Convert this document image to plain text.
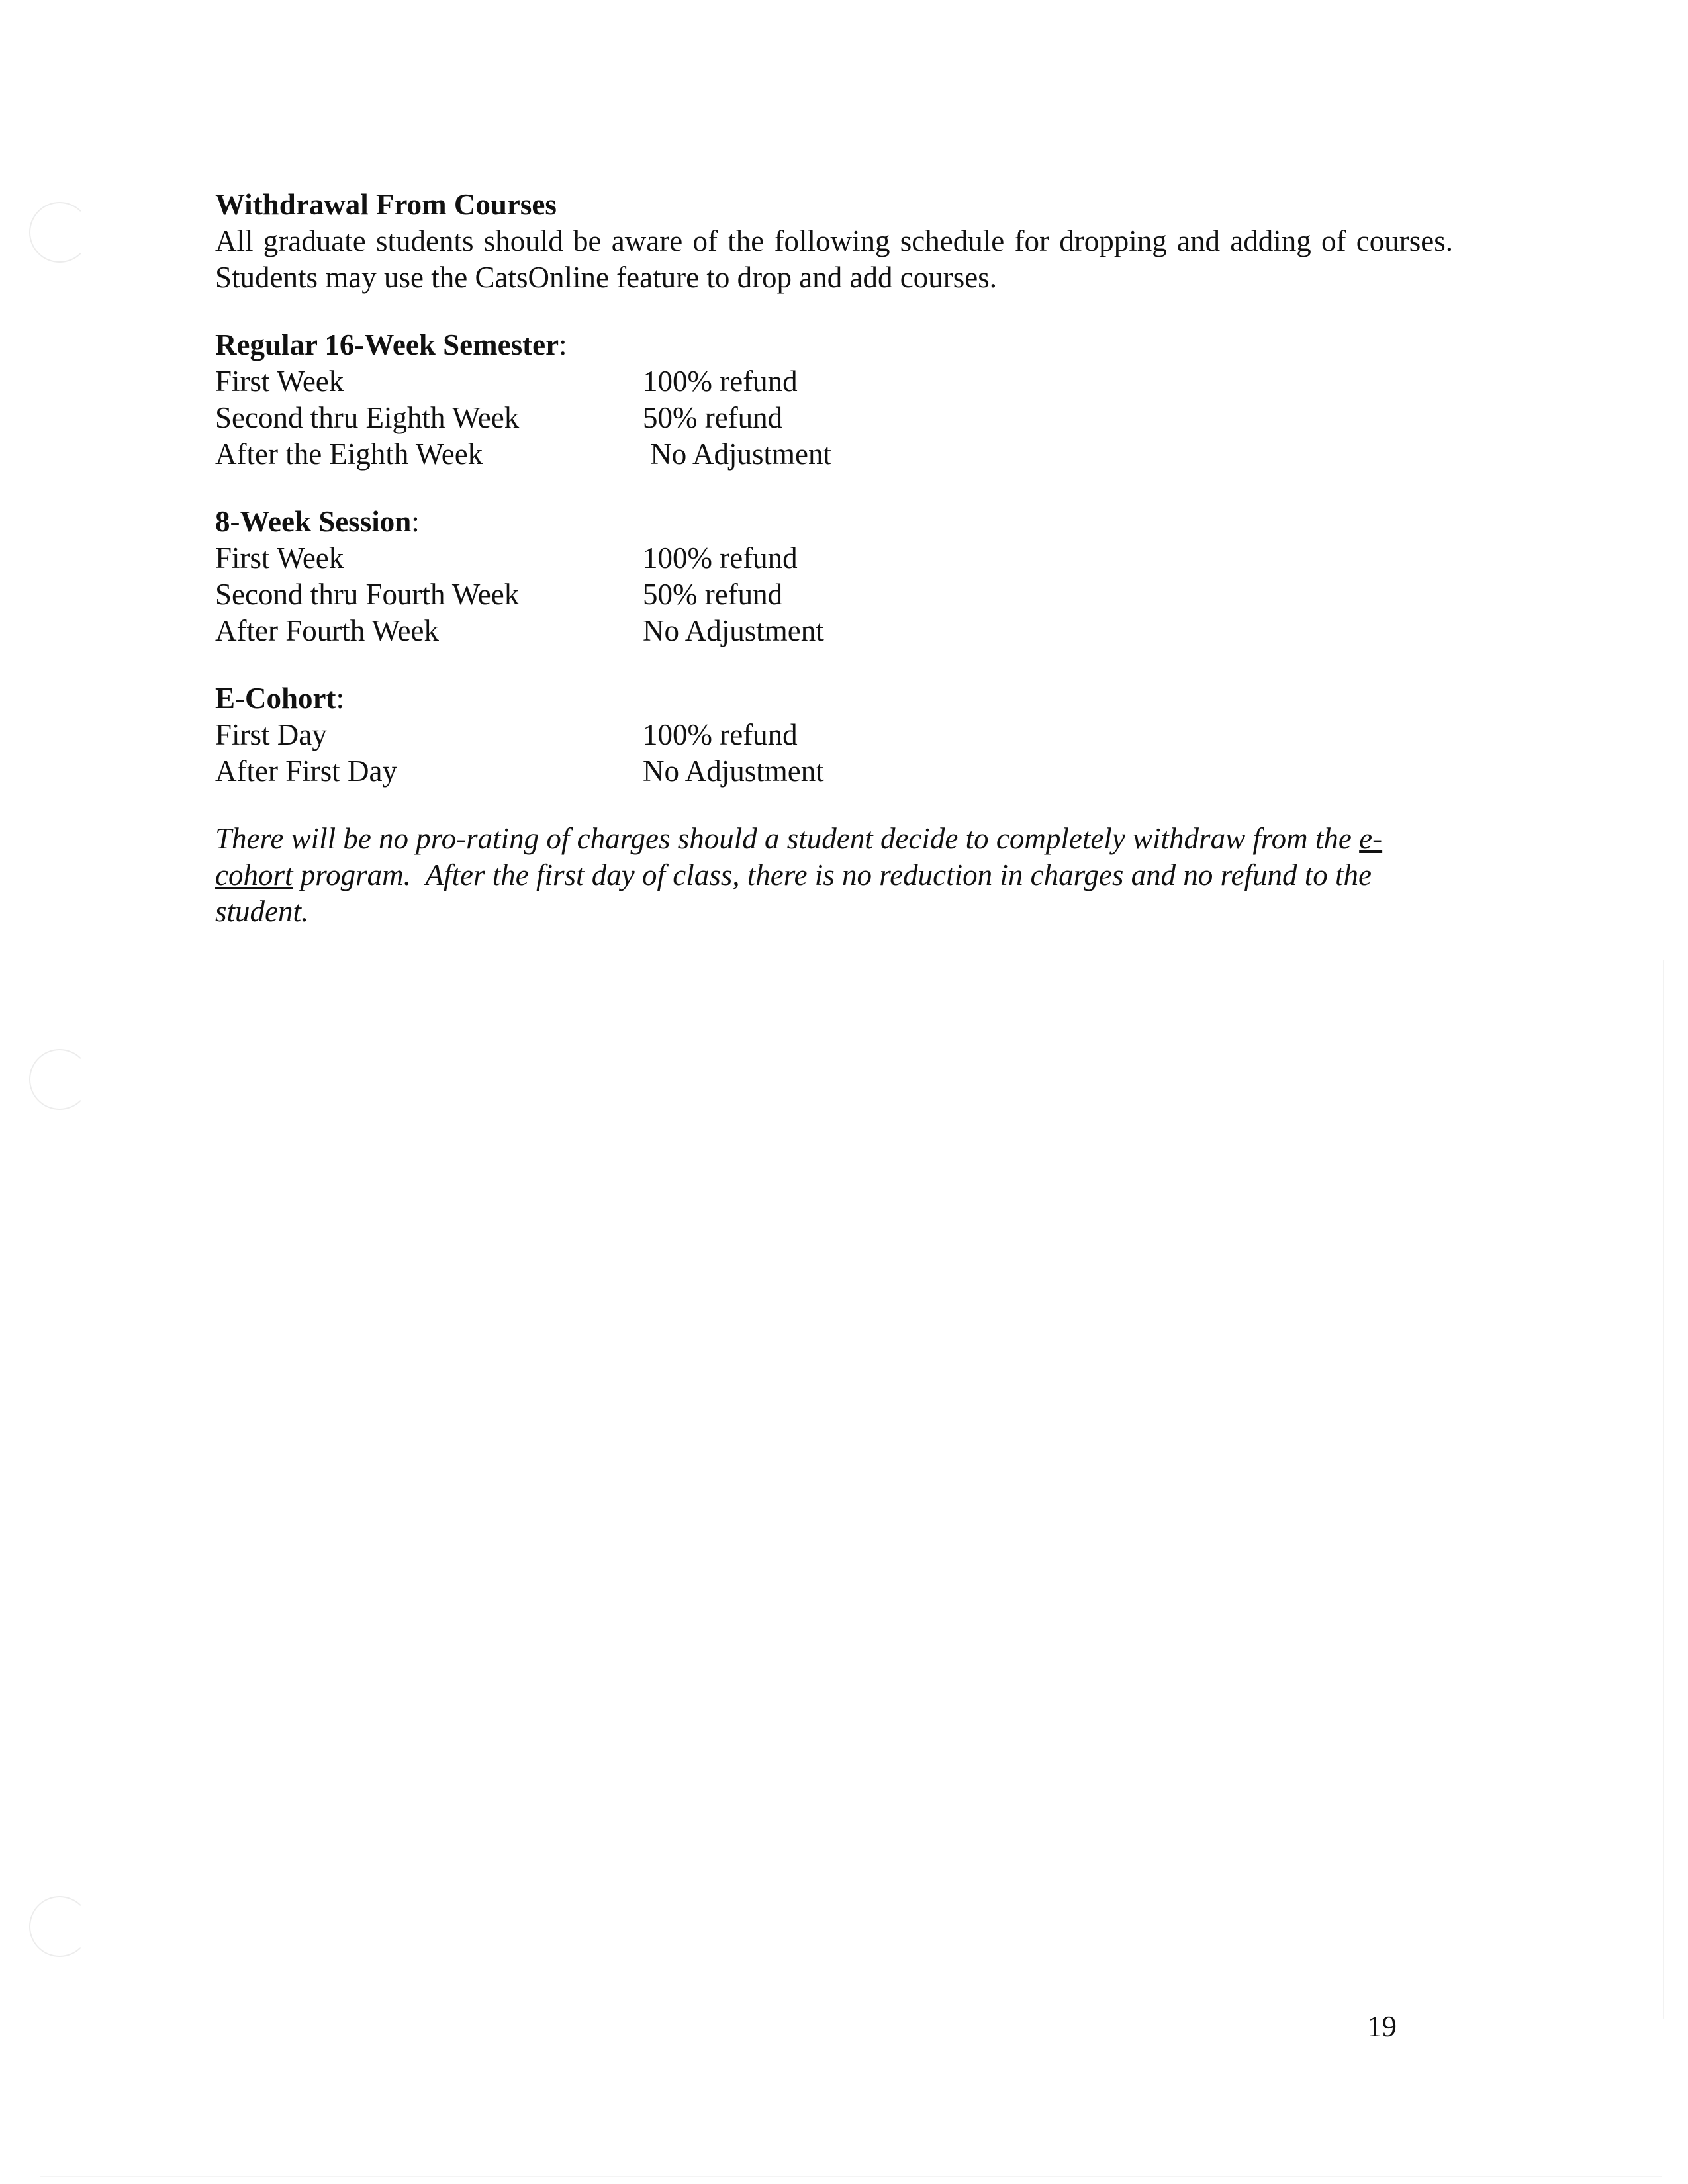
Withdrawal From Courses

All graduate students should be aware of the following schedule for dropping and adding of courses. Students may use the CatsOnline feature to drop and add courses.

Regular 16-Week Semester:

First Week	100% refund
Second thru Eighth Week	50% refund
After the Eighth Week	No Adjustment

8-Week Session:

First Week	100% refund
Second thru Fourth Week	50% refund
After Fourth Week	No Adjustment

E-Cohort:

First Day	100% refund
After First Day	No Adjustment

There will be no pro-rating of charges should a student decide to completely withdraw from the e-cohort program.  After the first day of class, there is no reduction in charges and no refund to the student.

19
